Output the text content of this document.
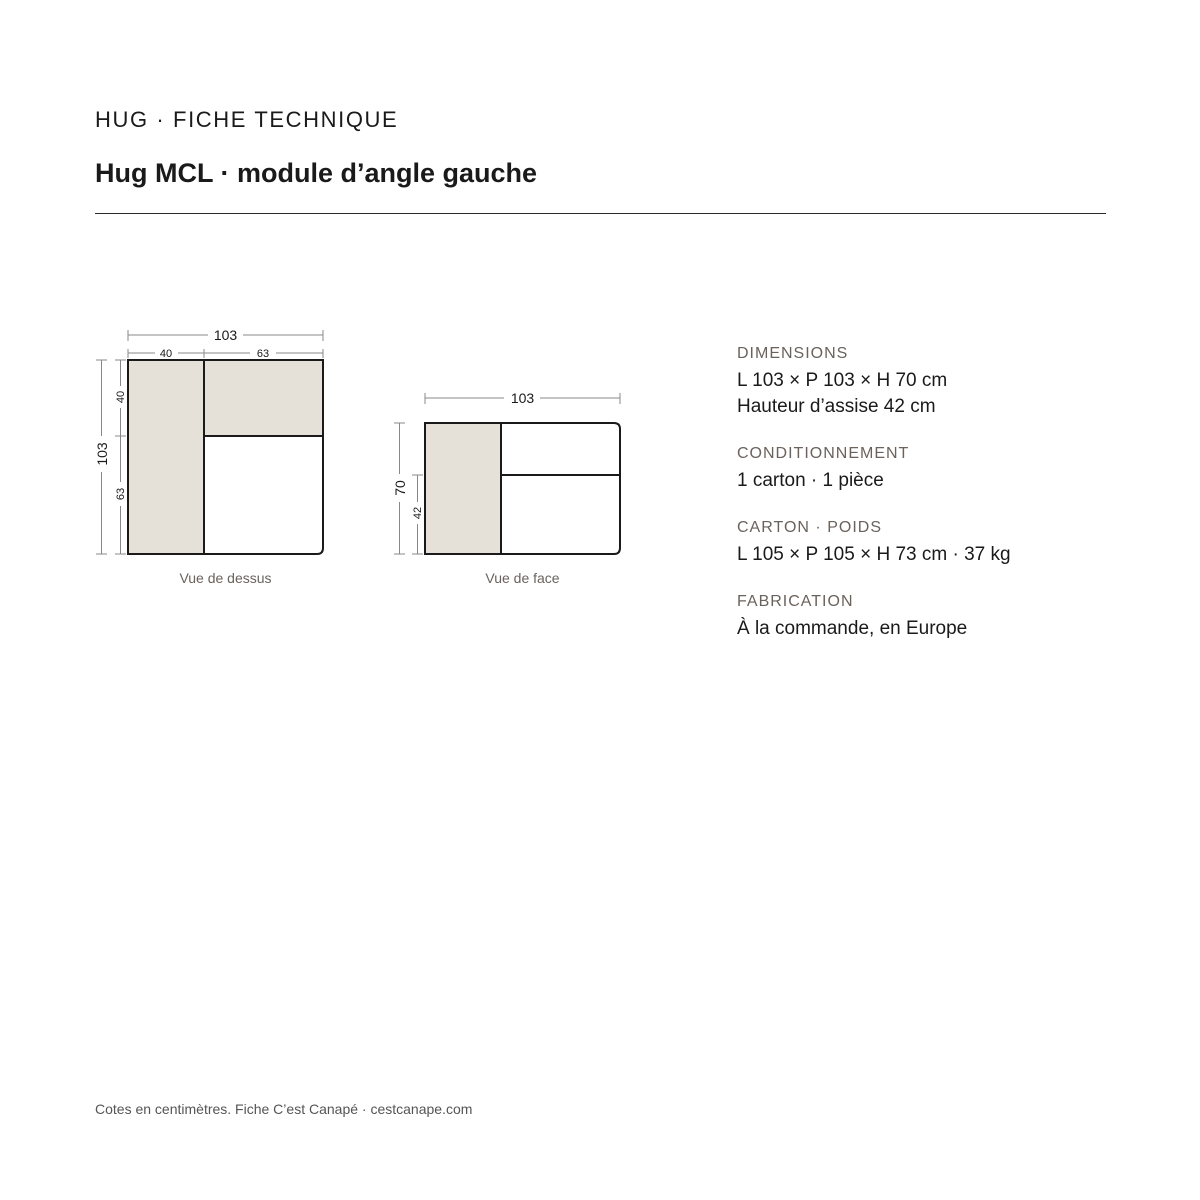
HUG · FICHE TECHNIQUE

Hug MCL · module d’angle gauche
103
40	63
103
40
63
Vue de dessus
103
70
42
Vue de face

DIMENSIONS

L 103 × P 103 × H 70 cm

Hauteur d’assise 42 cm

CONDITIONNEMENT

1 carton · 1 pièce

CARTON · POIDS

L 105 × P 105 × H 73 cm · 37 kg

FABRICATION

À la commande, en Europe

Cotes en centimètres. Fiche C’est Canapé · cestcanape.com
